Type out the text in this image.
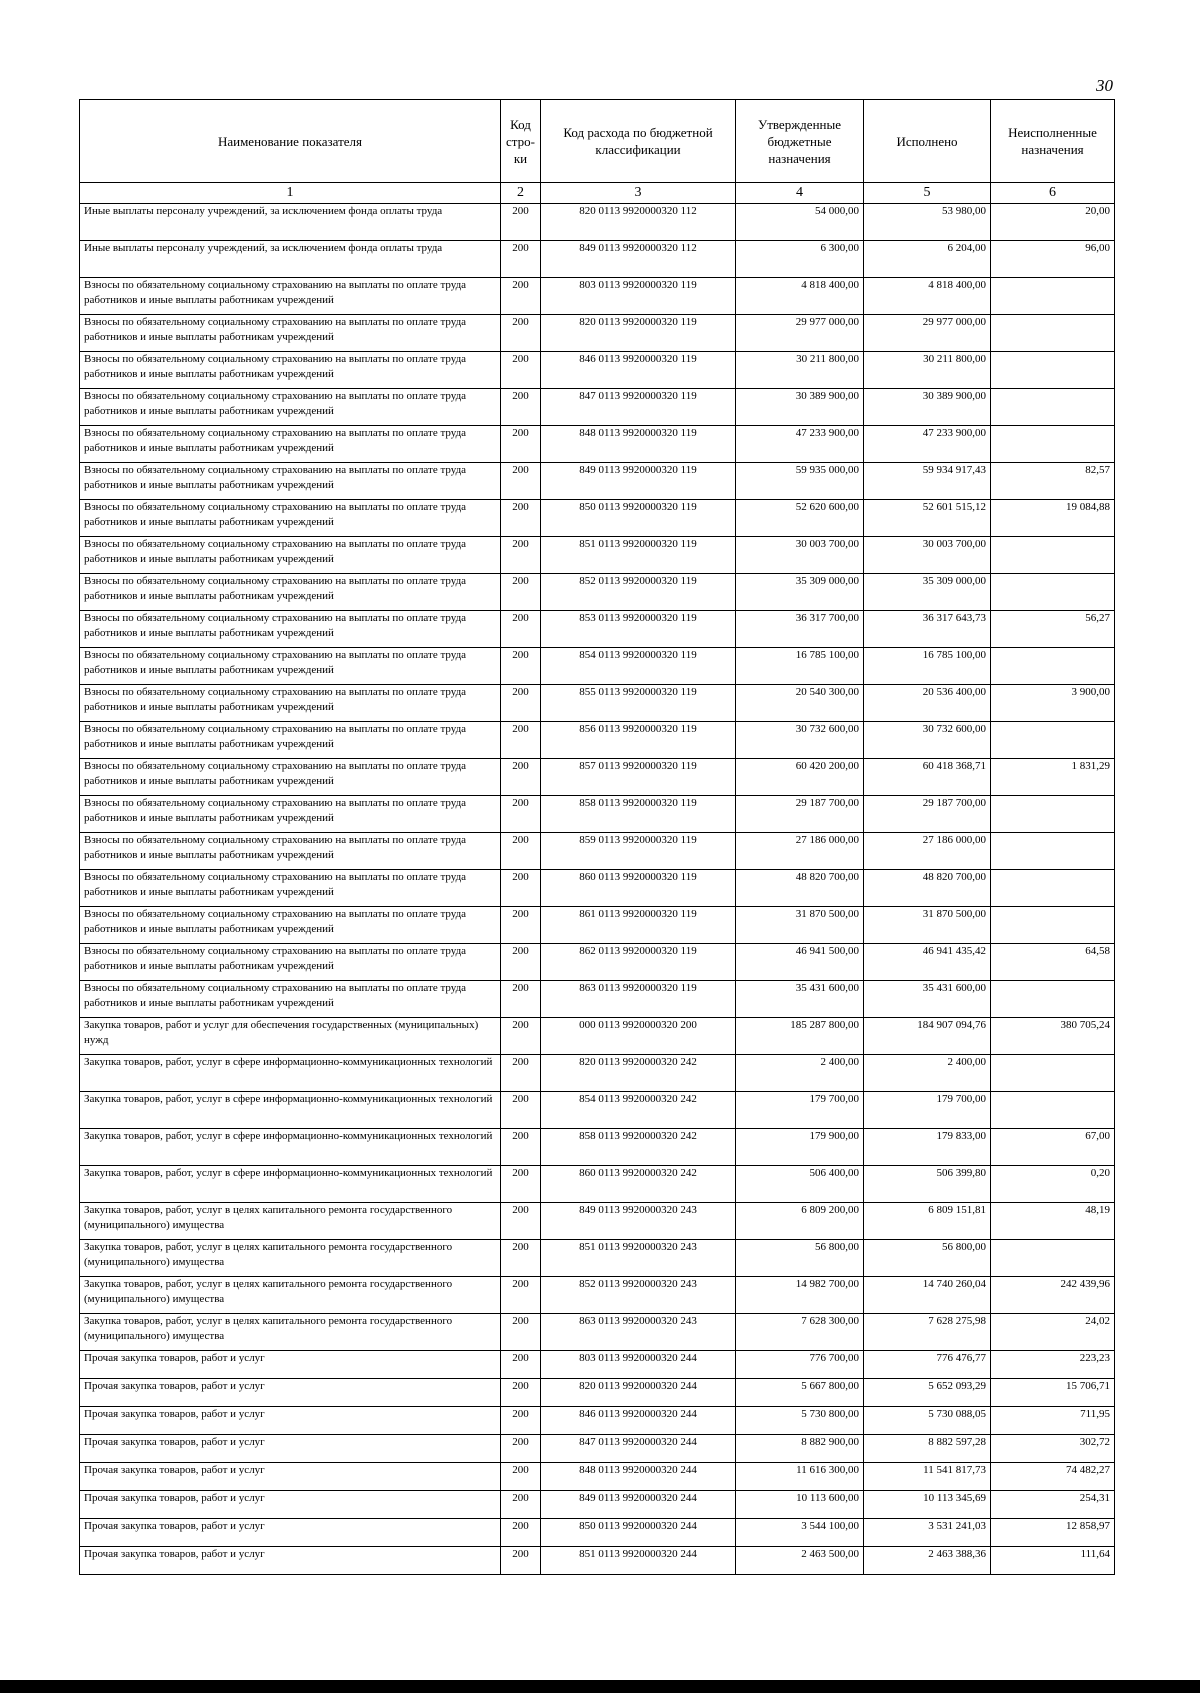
30
Наименование показателя	Код стро-ки	Код расхода по бюджетной классификации	Утвержденные бюджетные назначения	Исполнено	Неисполненные назначения
1	2	3	4	5	6
Иные выплаты персоналу учреждений, за исключением фонда оплаты труда	200	820 0113 9920000320 112	54 000,00	53 980,00	20,00
Иные выплаты персоналу учреждений, за исключением фонда оплаты труда	200	849 0113 9920000320 112	6 300,00	6 204,00	96,00
Взносы по обязательному социальному страхованию на выплаты по оплате труда работников и иные выплаты работникам учреждений	200	803 0113 9920000320 119	4 818 400,00	4 818 400,00	
Взносы по обязательному социальному страхованию на выплаты по оплате труда работников и иные выплаты работникам учреждений	200	820 0113 9920000320 119	29 977 000,00	29 977 000,00	
Взносы по обязательному социальному страхованию на выплаты по оплате труда работников и иные выплаты работникам учреждений	200	846 0113 9920000320 119	30 211 800,00	30 211 800,00	
Взносы по обязательному социальному страхованию на выплаты по оплате труда работников и иные выплаты работникам учреждений	200	847 0113 9920000320 119	30 389 900,00	30 389 900,00	
Взносы по обязательному социальному страхованию на выплаты по оплате труда работников и иные выплаты работникам учреждений	200	848 0113 9920000320 119	47 233 900,00	47 233 900,00	
Взносы по обязательному социальному страхованию на выплаты по оплате труда работников и иные выплаты работникам учреждений	200	849 0113 9920000320 119	59 935 000,00	59 934 917,43	82,57
Взносы по обязательному социальному страхованию на выплаты по оплате труда работников и иные выплаты работникам учреждений	200	850 0113 9920000320 119	52 620 600,00	52 601 515,12	19 084,88
Взносы по обязательному социальному страхованию на выплаты по оплате труда работников и иные выплаты работникам учреждений	200	851 0113 9920000320 119	30 003 700,00	30 003 700,00	
Взносы по обязательному социальному страхованию на выплаты по оплате труда работников и иные выплаты работникам учреждений	200	852 0113 9920000320 119	35 309 000,00	35 309 000,00	
Взносы по обязательному социальному страхованию на выплаты по оплате труда работников и иные выплаты работникам учреждений	200	853 0113 9920000320 119	36 317 700,00	36 317 643,73	56,27
Взносы по обязательному социальному страхованию на выплаты по оплате труда работников и иные выплаты работникам учреждений	200	854 0113 9920000320 119	16 785 100,00	16 785 100,00	
Взносы по обязательному социальному страхованию на выплаты по оплате труда работников и иные выплаты работникам учреждений	200	855 0113 9920000320 119	20 540 300,00	20 536 400,00	3 900,00
Взносы по обязательному социальному страхованию на выплаты по оплате труда работников и иные выплаты работникам учреждений	200	856 0113 9920000320 119	30 732 600,00	30 732 600,00	
Взносы по обязательному социальному страхованию на выплаты по оплате труда работников и иные выплаты работникам учреждений	200	857 0113 9920000320 119	60 420 200,00	60 418 368,71	1 831,29
Взносы по обязательному социальному страхованию на выплаты по оплате труда работников и иные выплаты работникам учреждений	200	858 0113 9920000320 119	29 187 700,00	29 187 700,00	
Взносы по обязательному социальному страхованию на выплаты по оплате труда работников и иные выплаты работникам учреждений	200	859 0113 9920000320 119	27 186 000,00	27 186 000,00	
Взносы по обязательному социальному страхованию на выплаты по оплате труда работников и иные выплаты работникам учреждений	200	860 0113 9920000320 119	48 820 700,00	48 820 700,00	
Взносы по обязательному социальному страхованию на выплаты по оплате труда работников и иные выплаты работникам учреждений	200	861 0113 9920000320 119	31 870 500,00	31 870 500,00	
Взносы по обязательному социальному страхованию на выплаты по оплате труда работников и иные выплаты работникам учреждений	200	862 0113 9920000320 119	46 941 500,00	46 941 435,42	64,58
Взносы по обязательному социальному страхованию на выплаты по оплате труда работников и иные выплаты работникам учреждений	200	863 0113 9920000320 119	35 431 600,00	35 431 600,00	
Закупка товаров, работ и услуг для обеспечения государственных (муниципальных) нужд	200	000 0113 9920000320 200	185 287 800,00	184 907 094,76	380 705,24
Закупка товаров, работ, услуг в сфере информационно-коммуникационных технологий	200	820 0113 9920000320 242	2 400,00	2 400,00	
Закупка товаров, работ, услуг в сфере информационно-коммуникационных технологий	200	854 0113 9920000320 242	179 700,00	179 700,00	
Закупка товаров, работ, услуг в сфере информационно-коммуникационных технологий	200	858 0113 9920000320 242	179 900,00	179 833,00	67,00
Закупка товаров, работ, услуг в сфере информационно-коммуникационных технологий	200	860 0113 9920000320 242	506 400,00	506 399,80	0,20
Закупка товаров, работ, услуг в целях капитального ремонта государственного (муниципального) имущества	200	849 0113 9920000320 243	6 809 200,00	6 809 151,81	48,19
Закупка товаров, работ, услуг в целях капитального ремонта государственного (муниципального) имущества	200	851 0113 9920000320 243	56 800,00	56 800,00	
Закупка товаров, работ, услуг в целях капитального ремонта государственного (муниципального) имущества	200	852 0113 9920000320 243	14 982 700,00	14 740 260,04	242 439,96
Закупка товаров, работ, услуг в целях капитального ремонта государственного (муниципального) имущества	200	863 0113 9920000320 243	7 628 300,00	7 628 275,98	24,02
Прочая закупка товаров, работ и услуг	200	803 0113 9920000320 244	776 700,00	776 476,77	223,23
Прочая закупка товаров, работ и услуг	200	820 0113 9920000320 244	5 667 800,00	5 652 093,29	15 706,71
Прочая закупка товаров, работ и услуг	200	846 0113 9920000320 244	5 730 800,00	5 730 088,05	711,95
Прочая закупка товаров, работ и услуг	200	847 0113 9920000320 244	8 882 900,00	8 882 597,28	302,72
Прочая закупка товаров, работ и услуг	200	848 0113 9920000320 244	11 616 300,00	11 541 817,73	74 482,27
Прочая закупка товаров, работ и услуг	200	849 0113 9920000320 244	10 113 600,00	10 113 345,69	254,31
Прочая закупка товаров, работ и услуг	200	850 0113 9920000320 244	3 544 100,00	3 531 241,03	12 858,97
Прочая закупка товаров, работ и услуг	200	851 0113 9920000320 244	2 463 500,00	2 463 388,36	111,64
